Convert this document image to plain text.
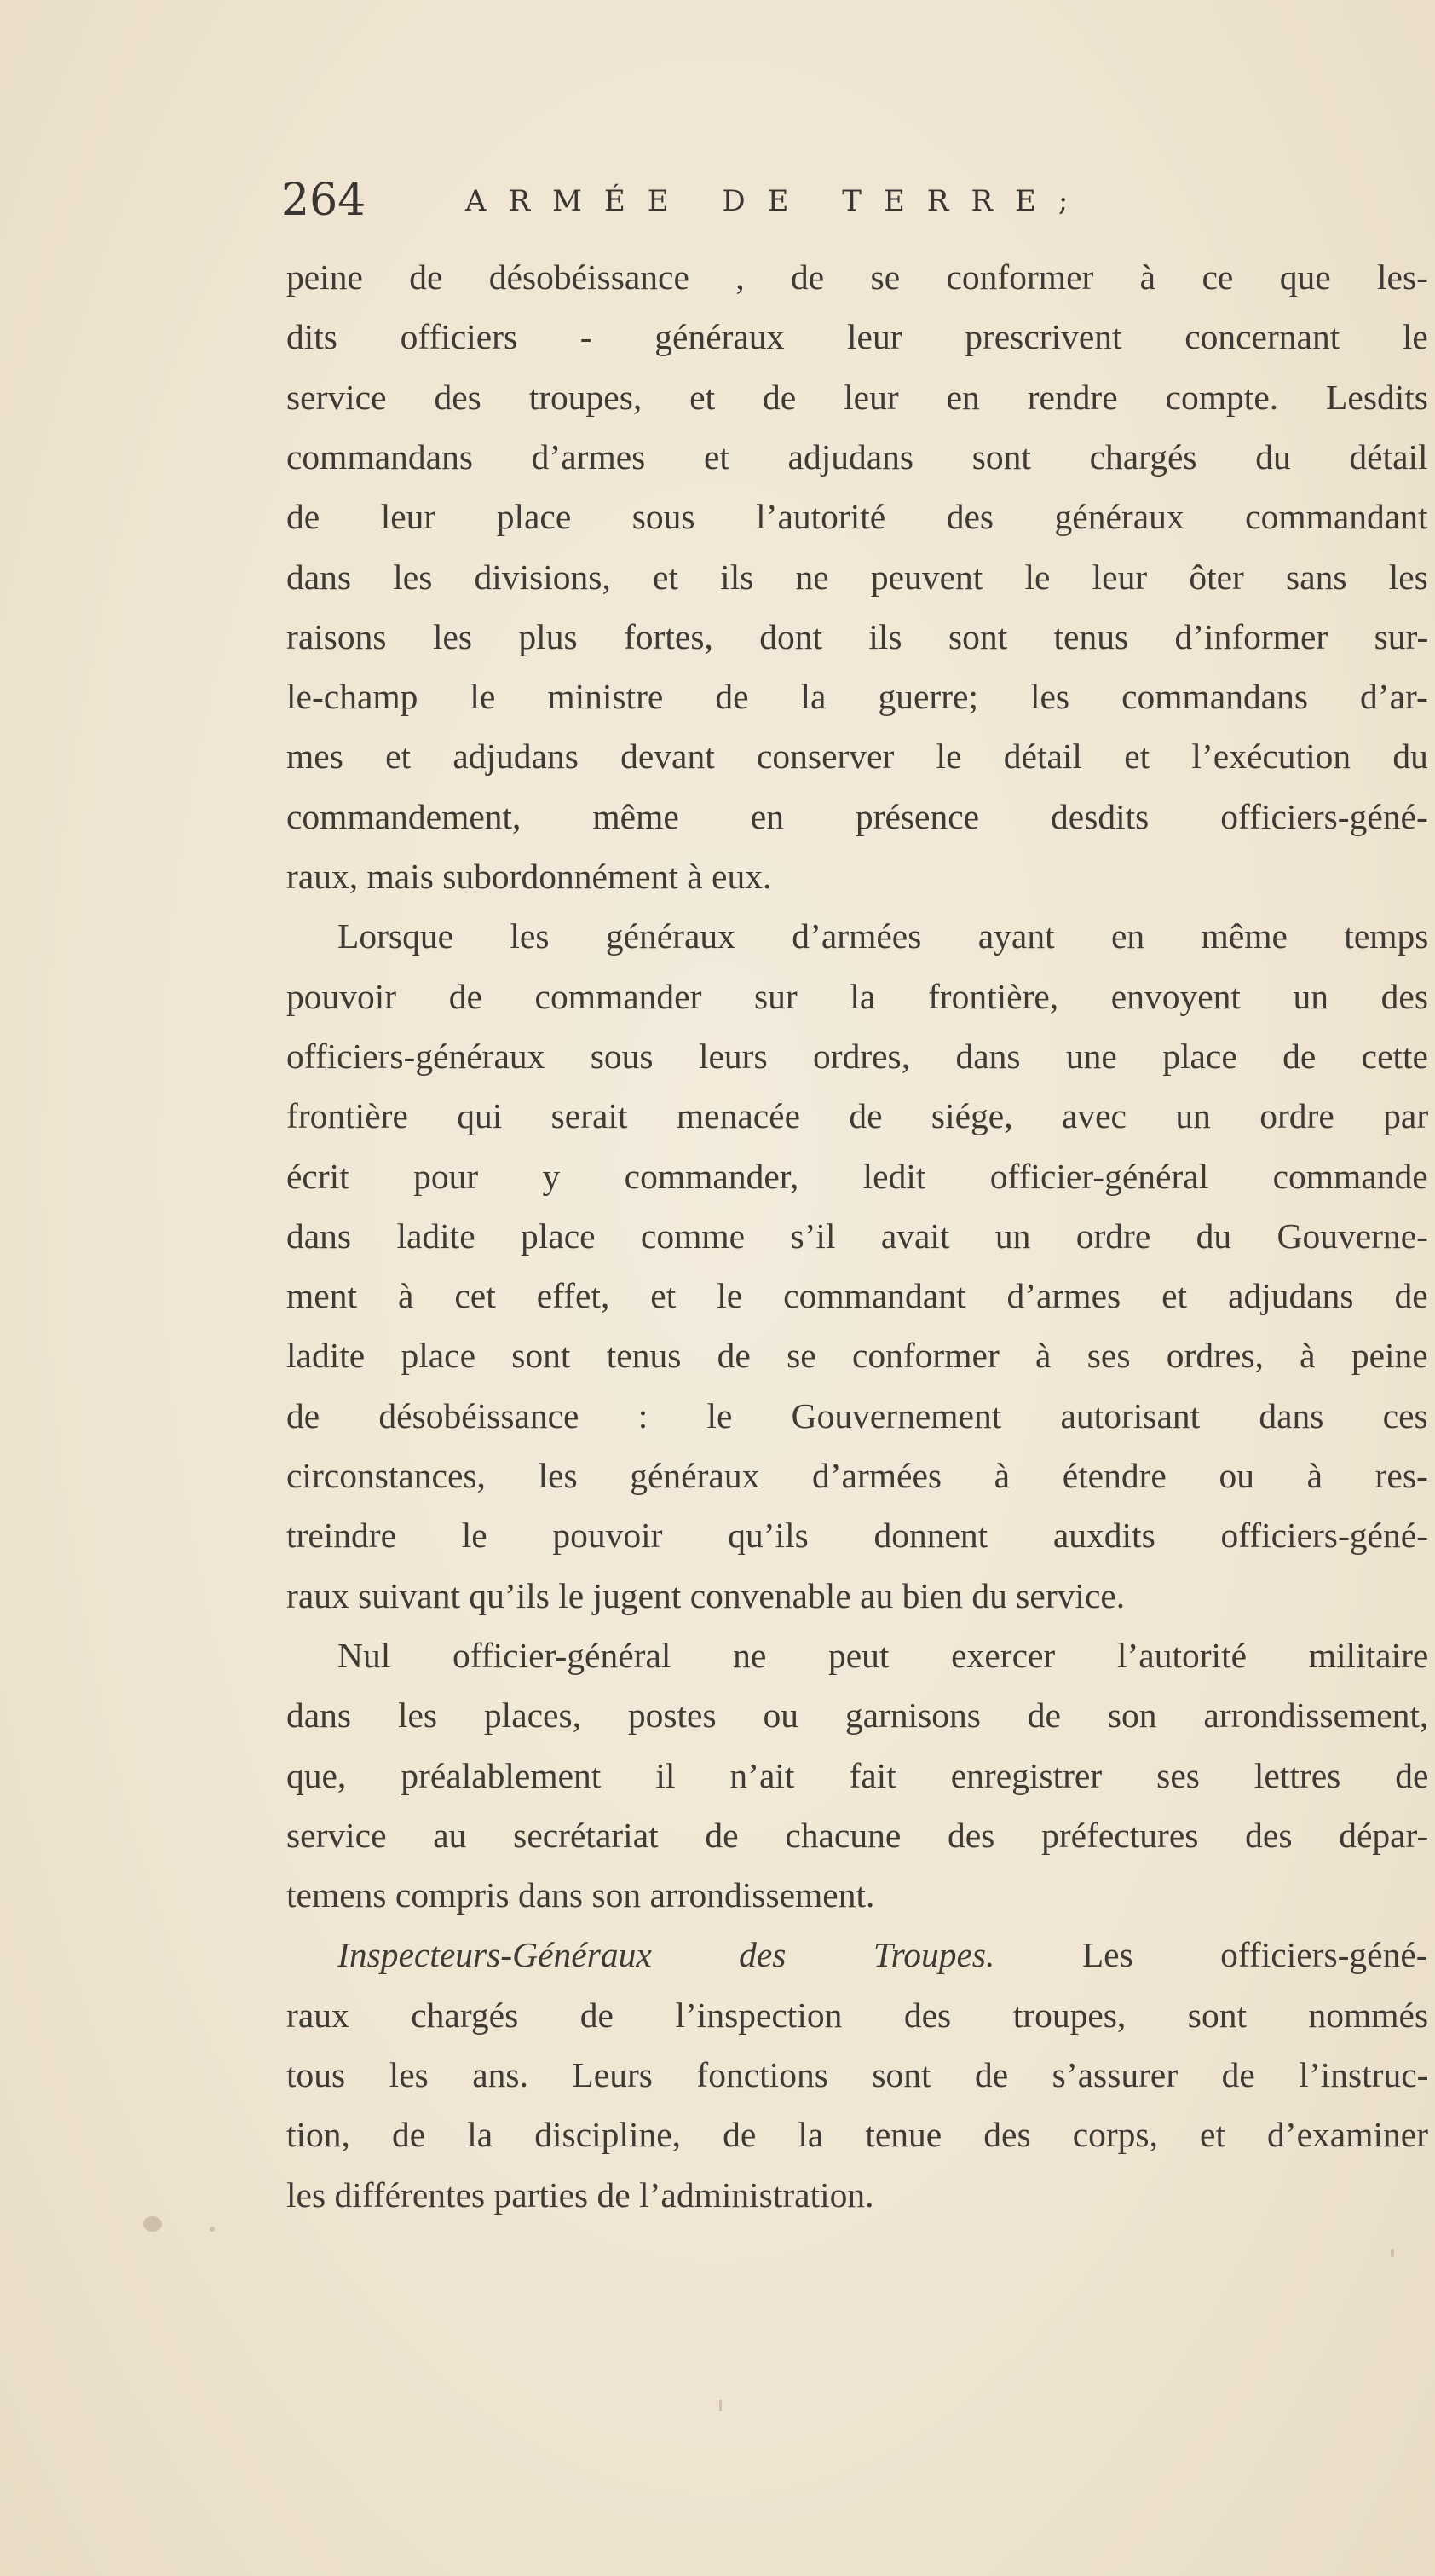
264	ARMÉE DE TERRE;
peine de désobéissance , de se conformer à ce que les-
dits officiers - généraux leur prescrivent concernant le
service des troupes, et de leur en rendre compte. Lesdits
commandans d’armes et adjudans sont chargés du détail
de leur place sous l’autorité des généraux commandant
dans les divisions, et ils ne peuvent le leur ôter sans les
raisons les plus fortes, dont ils sont tenus d’informer sur-
le-champ le ministre de la guerre; les commandans d’ar-
mes et adjudans devant conserver le détail et l’exécution du
commandement, même en présence desdits officiers-géné-
raux, mais subordonnément à eux.
Lorsque les généraux d’armées ayant en même temps
pouvoir de commander sur la frontière, envoyent un des
officiers-généraux sous leurs ordres, dans une place de cette
frontière qui serait menacée de siége, avec un ordre par
écrit pour y commander, ledit officier-général commande
dans ladite place comme s’il avait un ordre du Gouverne-
ment à cet effet, et le commandant d’armes et adjudans de
ladite place sont tenus de se conformer à ses ordres, à peine
de désobéissance : le Gouvernement autorisant dans ces
circonstances, les généraux d’armées à étendre ou à res-
treindre le pouvoir qu’ils donnent auxdits officiers-géné-
raux suivant qu’ils le jugent convenable au bien du service.
Nul officier-général ne peut exercer l’autorité militaire
dans les places, postes ou garnisons de son arrondissement,
que, préalablement il n’ait fait enregistrer ses lettres de
service au secrétariat de chacune des préfectures des dépar-
temens compris dans son arrondissement.
Inspecteurs-Généraux des Troupes. Les officiers-géné-
raux chargés de l’inspection des troupes, sont nommés
tous les ans. Leurs fonctions sont de s’assurer de l’instruc-
tion, de la discipline, de la tenue des corps, et d’examiner
les différentes parties de l’administration.
